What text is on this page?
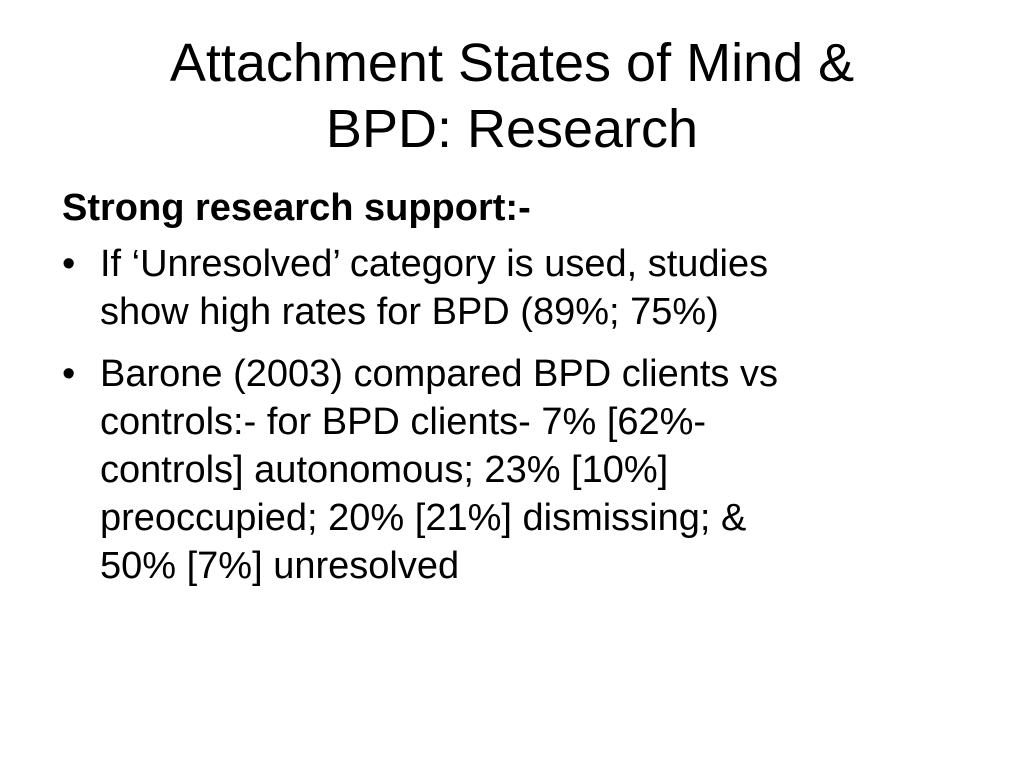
Attachment States of Mind &
BPD: Research

Strong research support:-

• If ‘Unresolved’ category is used, studies
show high rates for BPD (89%; 75%)
• Barone (2003) compared BPD clients vs
controls:- for BPD clients- 7% [62%-
controls] autonomous; 23% [10%]
preoccupied; 20% [21%] dismissing; &
50% [7%] unresolved
